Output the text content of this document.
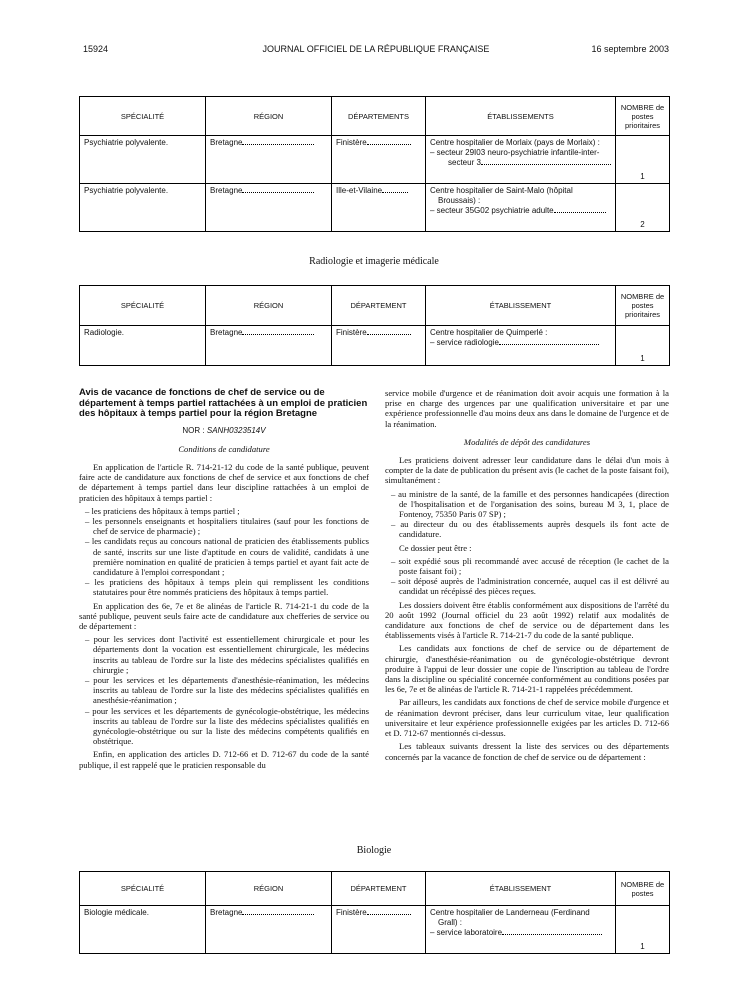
15924	JOURNAL OFFICIEL DE LA RÉPUBLIQUE FRANÇAISE	16 septembre 2003
SPÉCIALITÉ	RÉGION	DÉPARTEMENTS	ÉTABLISSEMENTS	NOMBRE de postes prioritaires
Psychiatrie polyvalente.	Bretagne	Finistère	Centre hospitalier de Morlaix (pays de Morlaix) :
– secteur 29I03 neuro-psychiatrie infantile-inter-
secteur 3	1
Psychiatrie polyvalente.	Bretagne	Ille-et-Vilaine	Centre hospitalier de Saint-Malo (hôpital
Broussais) :
– secteur 35G02 psychiatrie adulte	2
Radiologie et imagerie médicale
SPÉCIALITÉ	RÉGION	DÉPARTEMENT	ÉTABLISSEMENT	NOMBRE de postes prioritaires
Radiologie.	Bretagne	Finistère	Centre hospitalier de Quimperlé :
– service radiologie	1

Avis de vacance de fonctions de chef de service ou de département à temps partiel rattachées à un emploi de praticien des hôpitaux à temps partiel pour la région Bretagne

NOR : SANH0323514V

Conditions de candidature

En application de l'article R. 714-21-12 du code de la santé publique, peuvent faire acte de candidature aux fonctions de chef de service et aux fonctions de chef de département à temps partiel dans leur discipline rattachées à un emploi de praticien des hôpitaux à temps partiel :

– les praticiens des hôpitaux à temps partiel ;

– les personnels enseignants et hospitaliers titulaires (sauf pour les fonctions de chef de service de pharmacie) ;

– les candidats reçus au concours national de praticien des établissements publics de santé, inscrits sur une liste d'aptitude en cours de validité, candidats à une première nomination en qualité de praticien à temps partiel et ayant fait acte de candidature à l'emploi correspondant ;

– les praticiens des hôpitaux à temps plein qui remplissent les conditions statutaires pour être nommés praticiens des hôpitaux à temps partiel.

En application des 6e, 7e et 8e alinéas de l'article R. 714-21-1 du code de la santé publique, peuvent seuls faire acte de candidature aux chefferies de service ou de département :

– pour les services dont l'activité est essentiellement chirurgicale et pour les départements dont la vocation est essentiellement chirurgicale, les médecins inscrits au tableau de l'ordre sur la liste des médecins spécialistes qualifiés en chirurgie ;

– pour les services et les départements d'anesthésie-réanimation, les médecins inscrits au tableau de l'ordre sur la liste des médecins spécialistes qualifiés en anesthésie-réanimation ;

– pour les services et les départements de gynécologie-obstétrique, les médecins inscrits au tableau de l'ordre sur la liste des médecins spécialistes qualifiés en gynécologie-obstétrique ou sur la liste des médecins compétents qualifiés en obstétrique.

Enfin, en application des articles D. 712-66 et D. 712-67 du code de la santé publique, il est rappelé que le praticien responsable du

service mobile d'urgence et de réanimation doit avoir acquis une formation à la prise en charge des urgences par une qualification universitaire et par une expérience professionnelle d'au moins deux ans dans le domaine de l'urgence et de la réanimation.

Modalités de dépôt des candidatures

Les praticiens doivent adresser leur candidature dans le délai d'un mois à compter de la date de publication du présent avis (le cachet de la poste faisant foi), simultanément :

– au ministre de la santé, de la famille et des personnes handicapées (direction de l'hospitalisation et de l'organisation des soins, bureau M 3, 1, place de Fontenoy, 75350 Paris 07 SP) ;

– au directeur du ou des établissements auprès desquels ils font acte de candidature.

Ce dossier peut être :

– soit expédié sous pli recommandé avec accusé de réception (le cachet de la poste faisant foi) ;

– soit déposé auprès de l'administration concernée, auquel cas il est délivré au candidat un récépissé des pièces reçues.

Les dossiers doivent être établis conformément aux dispositions de l'arrêté du 20 août 1992 (Journal officiel du 23 août 1992) relatif aux modalités de candidature aux fonctions de chef de service ou de département dans les établissements visés à l'article R. 714-21-7 du code de la santé publique.

Les candidats aux fonctions de chef de service ou de département de chirurgie, d'anesthésie-réanimation ou de gynécologie-obstétrique devront produire à l'appui de leur dossier une copie de l'inscription au tableau de l'ordre dans la discipline ou spécialité concernée conformément au conditions posées par les 6e, 7e et 8e alinéas de l'article R. 714-21-1 rappelées précédemment.

Par ailleurs, les candidats aux fonctions de chef de service mobile d'urgence et de réanimation devront préciser, dans leur curriculum vitae, leur qualification universitaire et leur expérience professionnelle exigées par les articles D. 712-66 et D. 712-67 mentionnés ci-dessus.

Les tableaux suivants dressent la liste des services ou des départements concernés par la vacance de fonction de chef de service ou de département :

Biologie
SPÉCIALITÉ	RÉGION	DÉPARTEMENT	ÉTABLISSEMENT	NOMBRE de postes
Biologie médicale.	Bretagne	Finistère	Centre hospitalier de Landerneau (Ferdinand
Grall) :
– service laboratoire	1
